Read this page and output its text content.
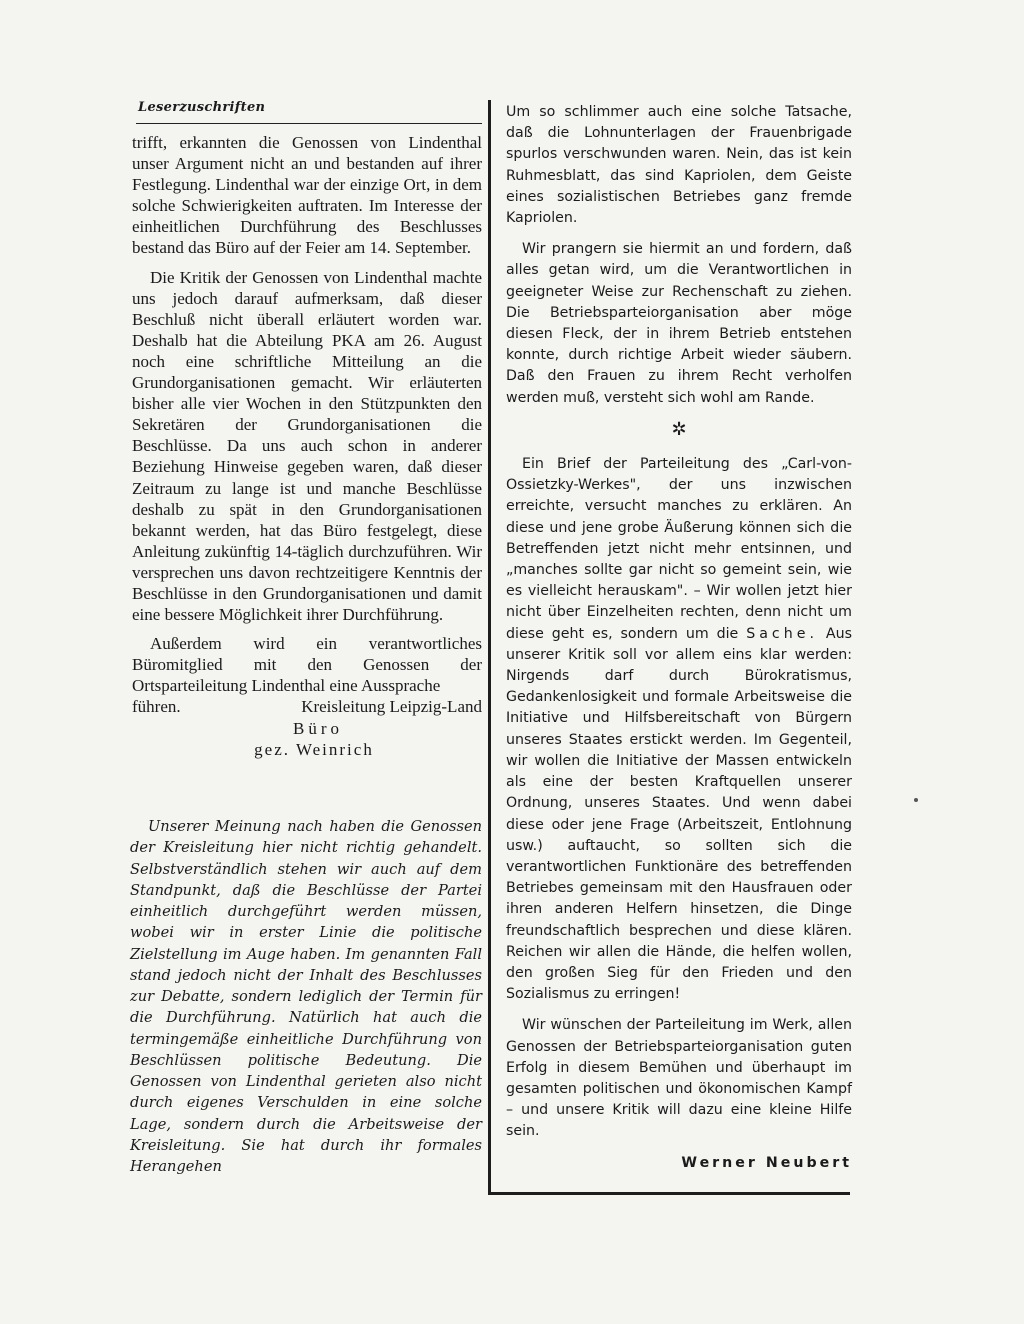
Leserzuschriften

trifft, erkannten die Genossen von Lindenthal unser Argument nicht an und bestanden auf ihrer Festlegung. Lindenthal war der einzige Ort, in dem solche Schwierigkeiten auftraten. Im Interesse der einheitlichen Durchführung des Beschlusses bestand das Büro auf der Feier am 14. September.

Die Kritik der Genossen von Lindenthal machte uns jedoch darauf aufmerksam, daß dieser Beschluß nicht überall erläutert worden war. Deshalb hat die Abteilung PKA am 26. August noch eine schriftliche Mitteilung an die Grundorganisationen gemacht. Wir erläuterten bisher alle vier Wochen in den Stützpunkten den Sekretären der Grundorganisationen die Beschlüsse. Da uns auch schon in anderer Beziehung Hinweise gegeben waren, daß dieser Zeitraum zu lange ist und manche Beschlüsse deshalb zu spät in den Grundorganisationen bekannt werden, hat das Büro festgelegt, diese Anleitung zukünftig 14-täglich durchzuführen. Wir versprechen uns davon rechtzeitigere Kenntnis der Beschlüsse in den Grundorganisationen und damit eine bessere Möglichkeit ihrer Durchführung.

Außerdem wird ein verantwortliches Büromitglied mit den Genossen der Ortsparteileitung Lindenthal eine Aussprache

führen.	Kreisleitung Leipzig-Land
Büro
gez. Weinrich
Unserer Meinung nach haben die Genossen der Kreisleitung hier nicht richtig gehandelt. Selbstverständlich stehen wir auch auf dem Standpunkt, daß die Beschlüsse der Partei einheitlich durchgeführt werden müssen, wobei wir in erster Linie die politische Zielstellung im Auge haben. Im genannten Fall stand jedoch nicht der Inhalt des Beschlusses zur Debatte, sondern lediglich der Termin für die Durchführung. Natürlich hat auch die termingemäße einheitliche Durchführung von Beschlüssen politische Bedeutung. Die Genossen von Lindenthal gerieten also nicht durch eigenes Verschulden in eine solche Lage, sondern durch die Arbeitsweise der Kreisleitung. Sie hat durch ihr formales Herangehen

Um so schlimmer auch eine solche Tatsache, daß die Lohnunterlagen der Frauenbrigade spurlos verschwunden waren. Nein, das ist kein Ruhmesblatt, das sind Kapriolen, dem Geiste eines sozialistischen Betriebes ganz fremde Kapriolen.

Wir prangern sie hiermit an und fordern, daß alles getan wird, um die Verantwortlichen in geeigneter Weise zur Rechenschaft zu ziehen. Die Betriebsparteiorganisation aber möge diesen Fleck, der in ihrem Betrieb entstehen konnte, durch richtige Arbeit wieder säubern. Daß den Frauen zu ihrem Recht verholfen werden muß, versteht sich wohl am Rande.

✲

Ein Brief der Parteileitung des „Carl-von-Ossietzky-Werkes", der uns inzwischen erreichte, versucht manches zu erklären. An diese und jene grobe Äußerung können sich die Betreffenden jetzt nicht mehr entsinnen, und „manches sollte gar nicht so gemeint sein, wie es vielleicht herauskam". – Wir wollen jetzt hier nicht über Einzelheiten rechten, denn nicht um diese geht es, sondern um die Sache. Aus unserer Kritik soll vor allem eins klar werden: Nirgends darf durch Bürokratismus, Gedankenlosigkeit und formale Arbeitsweise die Initiative und Hilfsbereitschaft von Bürgern unseres Staates erstickt werden. Im Gegenteil, wir wollen die Initiative der Massen entwickeln als eine der besten Kraftquellen unserer Ordnung, unseres Staates. Und wenn dabei diese oder jene Frage (Arbeitszeit, Entlohnung usw.) auftaucht, so sollten sich die verantwortlichen Funktionäre des betreffenden Betriebes gemeinsam mit den Hausfrauen oder ihren anderen Helfern hinsetzen, die Dinge freundschaftlich besprechen und diese klären. Reichen wir allen die Hände, die helfen wollen, den großen Sieg für den Frieden und den Sozialismus zu erringen!

Wir wünschen der Parteileitung im Werk, allen Genossen der Betriebsparteiorganisation guten Erfolg in diesem Bemühen und überhaupt im gesamten politischen und ökonomischen Kampf – und unsere Kritik will dazu eine kleine Hilfe sein.

Werner Neubert
